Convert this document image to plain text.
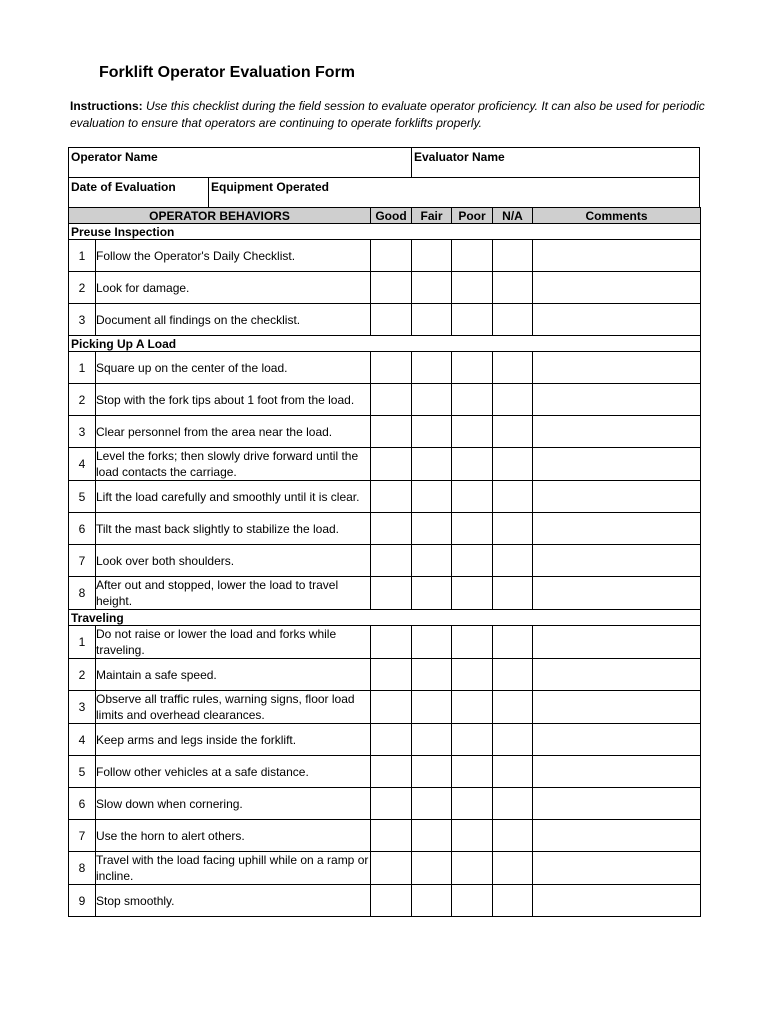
Forklift Operator Evaluation Form
Instructions: Use this checklist during the field session to evaluate operator proficiency. It can also be used for periodic evaluation to ensure that operators are continuing to operate forklifts properly.
Operator Name	Evaluator Name
Date of Evaluation	Equipment Operated
OPERATOR BEHAVIORS		Good	Fair	Poor	N/A	Comments
Preuse Inspection						
1	Follow the Operator's Daily Checklist.					
2	Look for damage.					
3	Document all findings on the checklist.					
Picking Up A Load						
1	Square up on the center of the load.					
2	Stop with the fork tips about 1 foot from the load.					
3	Clear personnel from the area near the load.					
4	Level the forks; then slowly drive forward until the load contacts the carriage.					
5	Lift the load carefully and smoothly until it is clear.					
6	Tilt the mast back slightly to stabilize the load.					
7	Look over both shoulders.					
8	After out and stopped, lower the load to travel height.					
Traveling						
1	Do not raise or lower the load and forks while traveling.					
2	Maintain a safe speed.					
3	Observe all traffic rules, warning signs, floor load limits and overhead clearances.					
4	Keep arms and legs inside the forklift.					
5	Follow other vehicles at a safe distance.					
6	Slow down when cornering.					
7	Use the horn to alert others.					
8	Travel with the load facing uphill while on a ramp or incline.					
9	Stop smoothly.					
